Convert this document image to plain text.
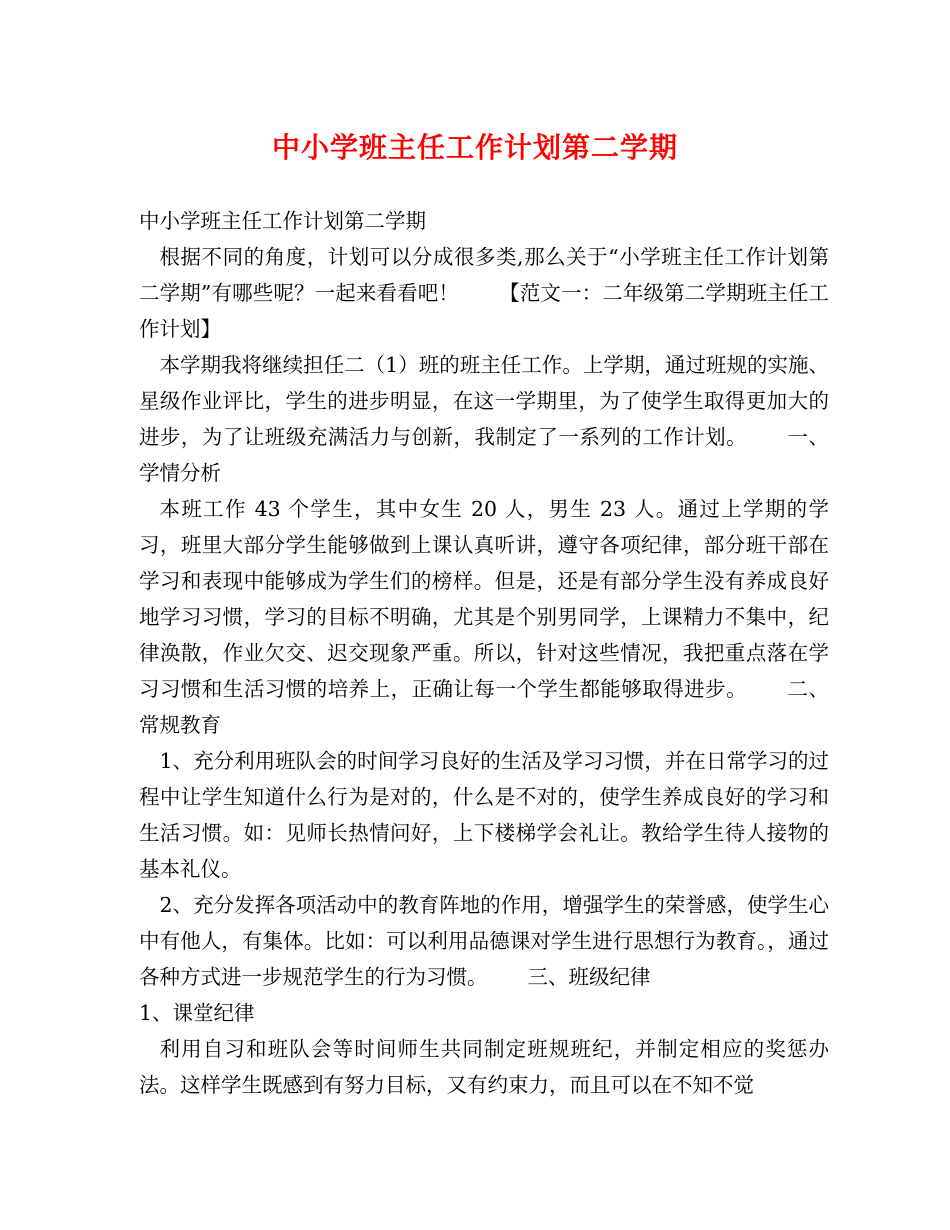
中小学班主任工作计划第二学期

中小学班主任工作计划第二学期

根据不同的角度，计划可以分成很多类,那么关于“小学班主任工作计划第二学期”有哪些呢？一起来看看吧！ 【范文一：二年级第二学期班主任工作计划】

本学期我将继续担任二（1）班的班主任工作。上学期，通过班规的实施、星级作业评比，学生的进步明显，在这一学期里，为了使学生取得更加大的进步，为了让班级充满活力与创新，我制定了一系列的工作计划。 一、学情分析

本班工作 43 个学生，其中女生 20 人，男生 23 人。通过上学期的学习，班里大部分学生能够做到上课认真听讲，遵守各项纪律，部分班干部在学习和表现中能够成为学生们的榜样。但是，还是有部分学生没有养成良好地学习习惯，学习的目标不明确，尤其是个别男同学，上课精力不集中，纪律涣散，作业欠交、迟交现象严重。所以，针对这些情况，我把重点落在学习习惯和生活习惯的培养上，正确让每一个学生都能够取得进步。 二、常规教育

1、充分利用班队会的时间学习良好的生活及学习习惯，并在日常学习的过程中让学生知道什么行为是对的，什么是不对的，使学生养成良好的学习和生活习惯。如：见师长热情问好，上下楼梯学会礼让。教给学生待人接物的基本礼仪。

2、充分发挥各项活动中的教育阵地的作用，增强学生的荣誉感，使学生心中有他人，有集体。比如：可以利用品德课对学生进行思想行为教育。，通过各种方式进一步规范学生的行为习惯。 三、班级纪律

1、课堂纪律

利用自习和班队会等时间师生共同制定班规班纪，并制定相应的奖惩办法。这样学生既感到有努力目标，又有约束力，而且可以在不知不觉
